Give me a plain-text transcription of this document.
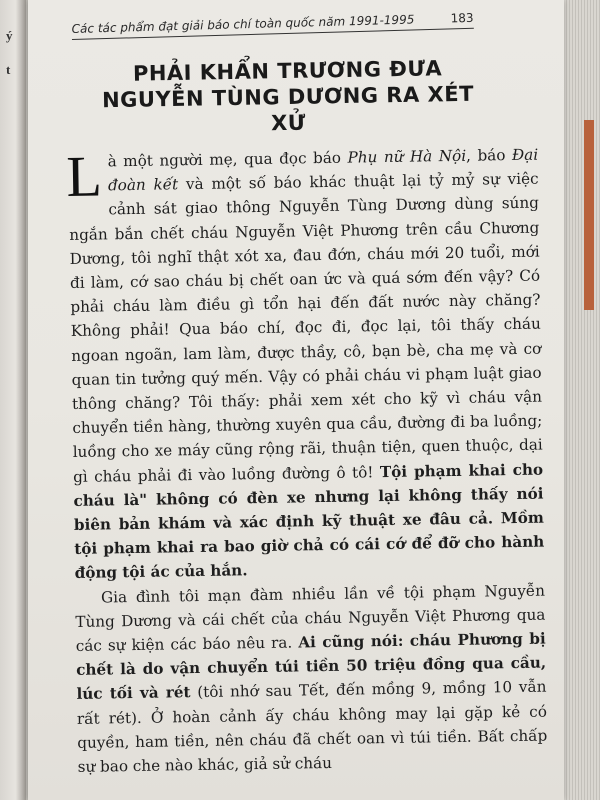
ý
t
Các tác phẩm đạt giải báo chí toàn quốc năm 1991-1995	183
PHẢI KHẨN TRƯƠNG ĐƯA
NGUYỄN TÙNG DƯƠNG RA XÉT XỬ

Là một người mẹ, qua đọc báo Phụ nữ Hà Nội, báo Đại đoàn kết và một số báo khác thuật lại tỷ mỷ sự việc cảnh sát giao thông Nguyễn Tùng Dương dùng súng ngắn bắn chết cháu Nguyễn Việt Phương trên cầu Chương Dương, tôi nghĩ thật xót xa, đau đớn, cháu mới 20 tuổi, mới đi làm, cớ sao cháu bị chết oan ức và quá sớm đến vậy? Có phải cháu làm điều gì tổn hại đến đất nước này chăng? Không phải! Qua báo chí, đọc đi, đọc lại, tôi thấy cháu ngoan ngoãn, lam làm, được thầy, cô, bạn bè, cha mẹ và cơ quan tin tưởng quý mến. Vậy có phải cháu vi phạm luật giao thông chăng? Tôi thấy: phải xem xét cho kỹ vì cháu vận chuyển tiền hàng, thường xuyên qua cầu, đường đi ba luồng; luồng cho xe máy cũng rộng rãi, thuận tiện, quen thuộc, dại gì cháu phải đi vào luồng đường ô tô! Tội phạm khai cho cháu là" không có đèn xe nhưng lại không thấy nói biên bản khám và xác định kỹ thuật xe đâu cả. Mồm tội phạm khai ra bao giờ chả có cái cớ để đỡ cho hành động tội ác của hắn.

Gia đình tôi mạn đàm nhiều lần về tội phạm Nguyễn Tùng Dương và cái chết của cháu Nguyễn Việt Phương qua các sự kiện các báo nêu ra. Ai cũng nói: cháu Phương bị chết là do vận chuyển túi tiền 50 triệu đồng qua cầu, lúc tối và rét (tôi nhớ sau Tết, đến mồng 9, mồng 10 vẫn rất rét). Ở hoàn cảnh ấy cháu không may lại gặp kẻ có quyền, ham tiền, nên cháu đã chết oan vì túi tiền. Bất chấp sự bao che nào khác, giả sử cháu
